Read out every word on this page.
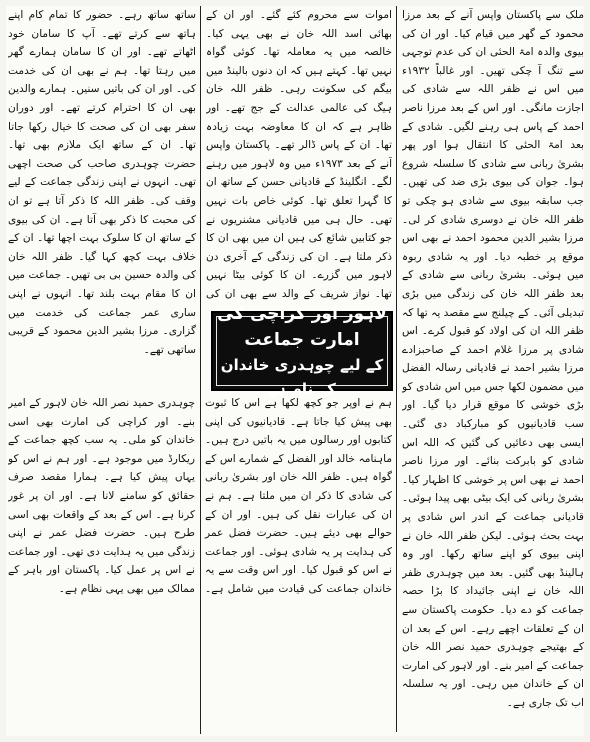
ملک سے پاکستان واپس آنے کے بعد مرزا محمود کے گھر میں قیام کیا۔ اور ان کی بیوی والدہ امۃ الحئی ان کی عدم توجہی سے تنگ آ چکی تھیں۔ اور غالباً ۱۹۳۲ء میں اس نے ظفر اللہ سے شادی کی اجازت مانگی۔ اور اس کے بعد مرزا ناصر احمد کے پاس ہی رہنے لگیں۔ شادی کے بعد امۃ الحئی کا انتقال ہوا اور پھر بشریٰ ربانی سے شادی کا سلسلہ شروع ہوا۔ جوان کی بیوی بڑی ضد کی تھیں۔ جب سابقہ بیوی سے شادی ہو چکی تو ظفر اللہ خان نے دوسری شادی کر لی۔ مرزا بشیر الدین محمود احمد نے بھی اس موقع پر خطبہ دیا۔ اور یہ شادی ربوہ میں ہوئی۔ بشریٰ ربانی سے شادی کے بعد ظفر اللہ خان کی زندگی میں بڑی تبدیلی آئی۔ کے چیلنج سے مقصد یہ تھا کہ ظفر اللہ ان کی اولاد کو قبول کرے۔ اس شادی پر مرزا غلام احمد کے صاحبزادے مرزا بشیر احمد نے قادیانی رسالہ الفضل میں مضمون لکھا جس میں اس شادی کو بڑی خوشی کا موقع قرار دیا گیا۔ اور سب قادیانیوں کو مبارکباد دی گئی۔ ایسی بھی دعائیں کی گئیں کہ اللہ اس شادی کو بابرکت بنائے۔ اور مرزا ناصر احمد نے بھی اس پر خوشی کا اظہار کیا۔ بشریٰ ربانی کی ایک بیٹی بھی پیدا ہوئی۔ قادیانی جماعت کے اندر اس شادی پر بہت بحث ہوئی۔ لیکن ظفر اللہ خان نے اپنی بیوی کو اپنے ساتھ رکھا۔ اور وہ ہالینڈ بھی گئیں۔ بعد میں چوہدری ظفر اللہ خان نے اپنی جائیداد کا بڑا حصہ جماعت کو دے دیا۔ حکومت پاکستان سے ان کے تعلقات اچھے رہے۔ اس کے بعد ان کے بھتیجے چوہدری حمید نصر اللہ خان جماعت کے امیر بنے۔ اور لاہور کی امارت ان کے خاندان میں رہی۔ اور یہ سلسلہ اب تک جاری ہے۔

اموات سے محروم کئے گئے۔ اور ان کے بھائی اسد اللہ خان نے بھی یہی کیا۔ خالصہ میں یہ معاملہ تھا۔ کوئی گواہ نہیں تھا۔ کہتے ہیں کہ ان دنوں بالینڈ میں بیگم کی سکونت رہی۔ ظفر اللہ خان ہیگ کی عالمی عدالت کے جج تھے۔ اور ظاہر ہے کہ ان کا معاوضہ بہت زیادہ تھا۔ ان کے پاس ڈالر تھے۔ پاکستان واپس آنے کے بعد ۱۹۷۳ء میں وہ لاہور میں رہنے لگے۔ انگلینڈ کے قادیانی حسن کے ساتھ ان کا گہرا تعلق تھا۔ کوئی خاص بات نہیں تھی۔ حال ہی میں قادیانی مشنریوں نے جو کتابیں شائع کی ہیں ان میں بھی ان کا ذکر ملتا ہے۔ ان کی زندگی کے آخری دن لاہور میں گزرے۔ ان کا کوئی بیٹا نہیں تھا۔ نواز شریف کے والد سے بھی ان کی

ساتھ ساتھ رہے۔ حضور کا تمام کام اپنے ہاتھ سے کرتے تھے۔ آپ کا سامان خود اٹھاتے تھے۔ اور ان کا سامان ہمارے گھر میں رہتا تھا۔ ہم نے بھی ان کی خدمت کی۔ اور ان کی باتیں سنیں۔ ہمارے والدین بھی ان کا احترام کرتے تھے۔ اور دوران سفر بھی ان کی صحت کا خیال رکھا جاتا تھا۔ ان کے ساتھ ایک ملازم بھی تھا۔ حضرت چوہدری صاحب کی صحت اچھی تھی۔ انہوں نے اپنی زندگی جماعت کے لیے وقف کی۔ ظفر اللہ کا ذکر آتا ہے تو ان کی محبت کا ذکر بھی آتا ہے۔ ان کی بیوی کے ساتھ ان کا سلوک بہت اچھا تھا۔ ان کے خلاف بہت کچھ کہا گیا۔ ظفر اللہ خان کی والدہ حسین بی بی تھیں۔ جماعت میں ان کا مقام بہت بلند تھا۔ انہوں نے اپنی ساری عمر جماعت کی خدمت میں گزاری۔ مرزا بشیر الدین محمود کے قریبی ساتھی تھے۔

لاہور اور کراچی کی امارت جماعت
کے لیے چوہدری خاندان کے نام ہے

ہم نے اوپر جو کچھ لکھا ہے اس کا ثبوت بھی پیش کیا جاتا ہے۔ قادیانیوں کی اپنی کتابوں اور رسالوں میں یہ باتیں درج ہیں۔ ماہنامہ خالد اور الفضل کے شمارے اس کے گواہ ہیں۔ ظفر اللہ خان اور بشریٰ ربانی کی شادی کا ذکر ان میں ملتا ہے۔ ہم نے ان کی عبارات نقل کی ہیں۔ اور ان کے حوالے بھی دیئے ہیں۔ حضرت فضل عمر کی ہدایت پر یہ شادی ہوئی۔ اور جماعت نے اس کو قبول کیا۔ اور اس وقت سے یہ خاندان جماعت کی قیادت میں شامل ہے۔ چوہدری حمید نصر اللہ خان لاہور کے امیر بنے۔ اور کراچی کی امارت بھی اسی خاندان کو ملی۔ یہ سب کچھ جماعت کے ریکارڈ میں موجود ہے۔ اور ہم نے اس کو یہاں پیش کیا ہے۔ ہمارا مقصد صرف حقائق کو سامنے لانا ہے۔ اور ان پر غور کرنا ہے۔ اس کے بعد کے واقعات بھی اسی طرح ہیں۔ حضرت فضل عمر نے اپنی زندگی میں یہ ہدایت دی تھی۔ اور جماعت نے اس پر عمل کیا۔ پاکستان اور باہر کے ممالک میں بھی یہی نظام ہے۔
